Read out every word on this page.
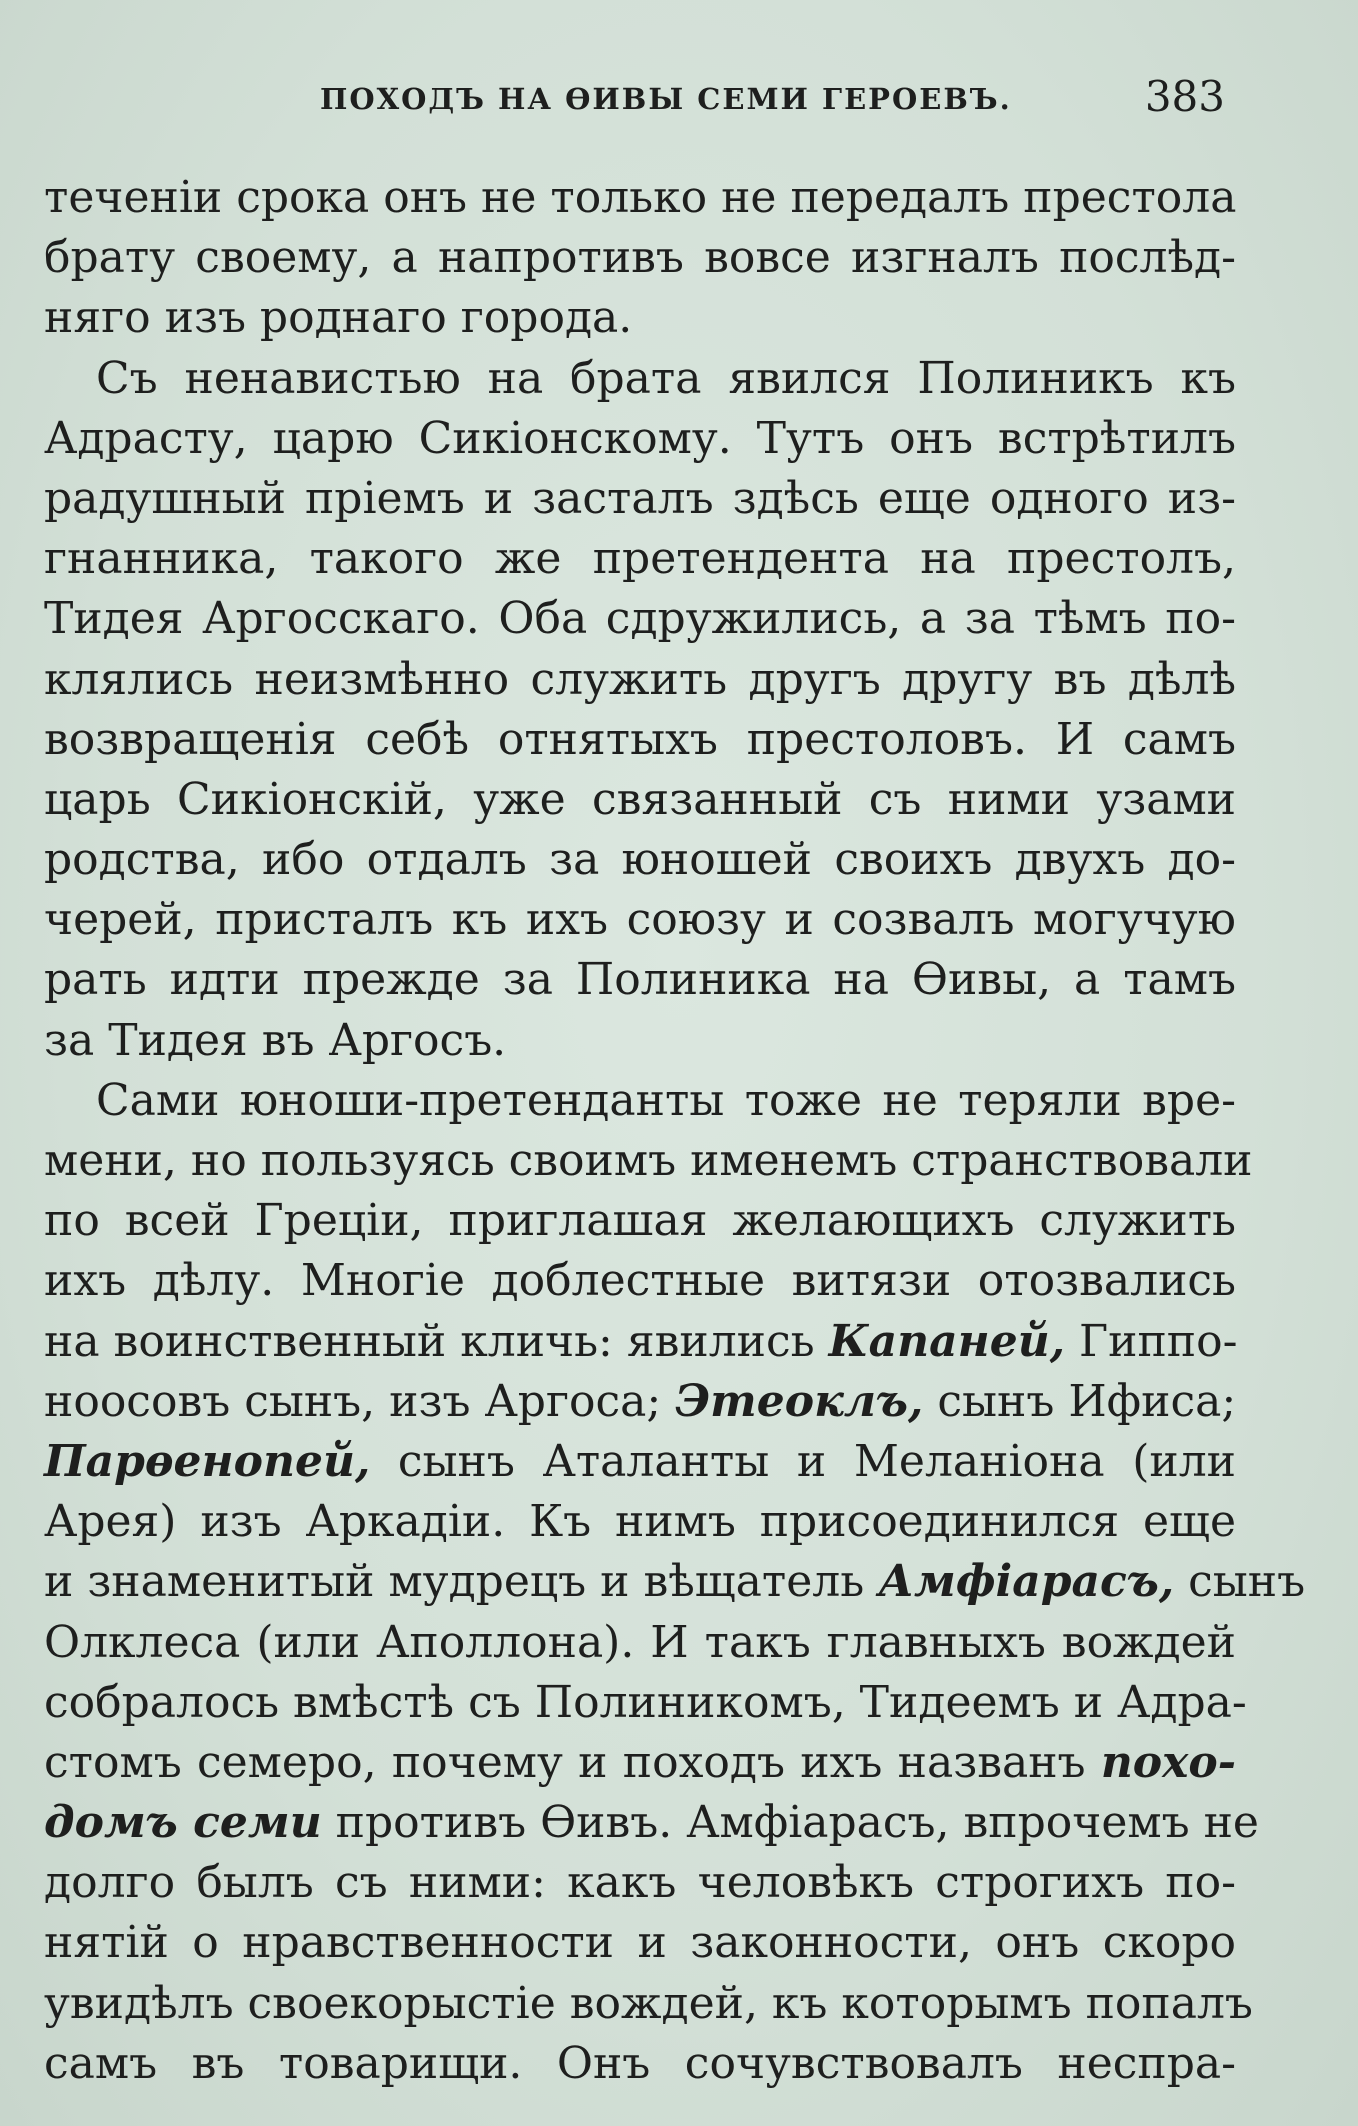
ПОХОДЪ НА ѲИВЫ СЕМИ ГЕРОЕВЪ.	383
теченіи срока онъ не только не передалъ престола
брату своему, а напротивъ вовсе изгналъ послѣд-
няго изъ роднаго города.
Съ ненавистью на брата явился Полиникъ къ
Адрасту, царю Сикіонскому. Тутъ онъ встрѣтилъ
радушный пріемъ и засталъ здѣсь еще одного из-
гнанника, такого же претендента на престолъ,
Тидея Аргосскаго. Оба сдружились, а за тѣмъ по-
клялись неизмѣнно служить другъ другу въ дѣлѣ
возвращенія себѣ отнятыхъ престоловъ. И самъ
царь Сикіонскій, уже связанный съ ними узами
родства, ибо отдалъ за юношей своихъ двухъ до-
черей, присталъ къ ихъ союзу и созвалъ могучую
рать идти прежде за Полиника на Ѳивы, а тамъ
за Тидея въ Аргосъ.
Сами юноши-претенданты тоже не теряли вре-
мени, но пользуясь своимъ именемъ странствовали
по всей Греціи, приглашая желающихъ служить
ихъ дѣлу. Многіе доблестные витязи отозвались
на воинственный кличь: явились Капаней, Гиппо-
ноосовъ сынъ, изъ Аргоса; Этеоклъ, сынъ Ифиса;
Парѳенопей, сынъ Аталанты и Меланіона (или
Арея) изъ Аркадіи. Къ нимъ присоединился еще
и знаменитый мудрецъ и вѣщатель Амфіарасъ, сынъ
Олклеса (или Аполлона). И такъ главныхъ вождей
собралось вмѣстѣ съ Полиникомъ, Тидеемъ и Адра-
стомъ семеро, почему и походъ ихъ названъ похо-
домъ семи противъ Ѳивъ. Амфіарасъ, впрочемъ не
долго былъ съ ними: какъ человѣкъ строгихъ по-
нятій о нравственности и законности, онъ скоро
увидѣлъ своекорыстіе вождей, къ которымъ попалъ
самъ въ товарищи. Онъ сочувствовалъ неспра-
